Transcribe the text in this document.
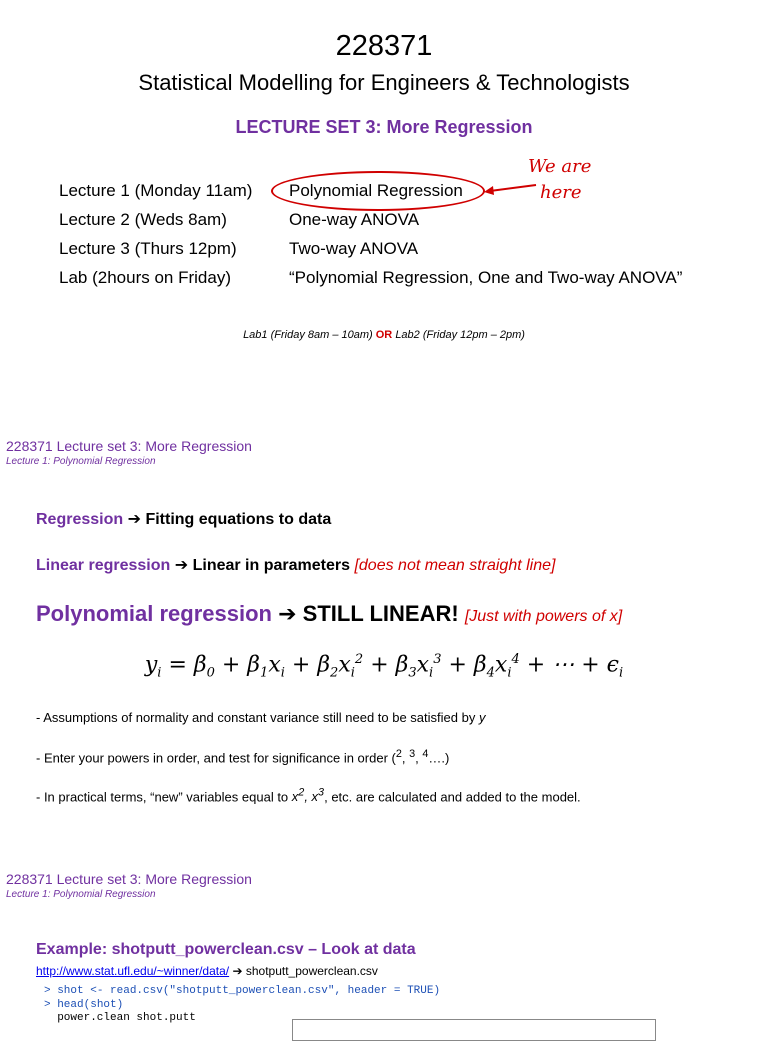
228371
Statistical Modelling for Engineers & Technologists
LECTURE SET 3: More Regression
Lecture 1 (Monday 11am) Polynomial Regression
Lecture 2 (Weds 8am)	One-way ANOVA
Lecture 3 (Thurs 12pm)	Two-way ANOVA
Lab (2hours on Friday)	“Polynomial Regression, One and Two-way ANOVA”
We are
here
Lab1 (Friday 8am – 10am) OR Lab2 (Friday 12pm – 2pm)
228371 Lecture set 3: More Regression
Lecture 1: Polynomial Regression
Regression ➔ Fitting equations to data
Linear regression ➔ Linear in parameters [does not mean straight line]
Polynomial regression ➔ STILL LINEAR! [Just with powers of x]
$y_i = \beta_0 + \beta_1x_i + \beta_2x_i^2 + \beta_3x_i^3 + \beta_4x_i^4$ + ⋯ + $\epsilon_i$
- Assumptions of normality and constant variance still need to be satisfied by y
- Enter your powers in order, and test for significance in order ($^2$, $^3$, $^4$….)
- In practical terms, “new” variables equal to $x^2$, $x^3$, etc. are calculated and added to the model.
228371 Lecture set 3: More Regression
Lecture 1: Polynomial Regression
Example: shotputt_powerclean.csv – Look at data
http://www.stat.ufl.edu/~winner/data/ ➔ shotputt_powerclean.csv
> shot <- read.csv("shotputt_powerclean.csv", header = TRUE)
> head(shot)
power.clean shot.putt
